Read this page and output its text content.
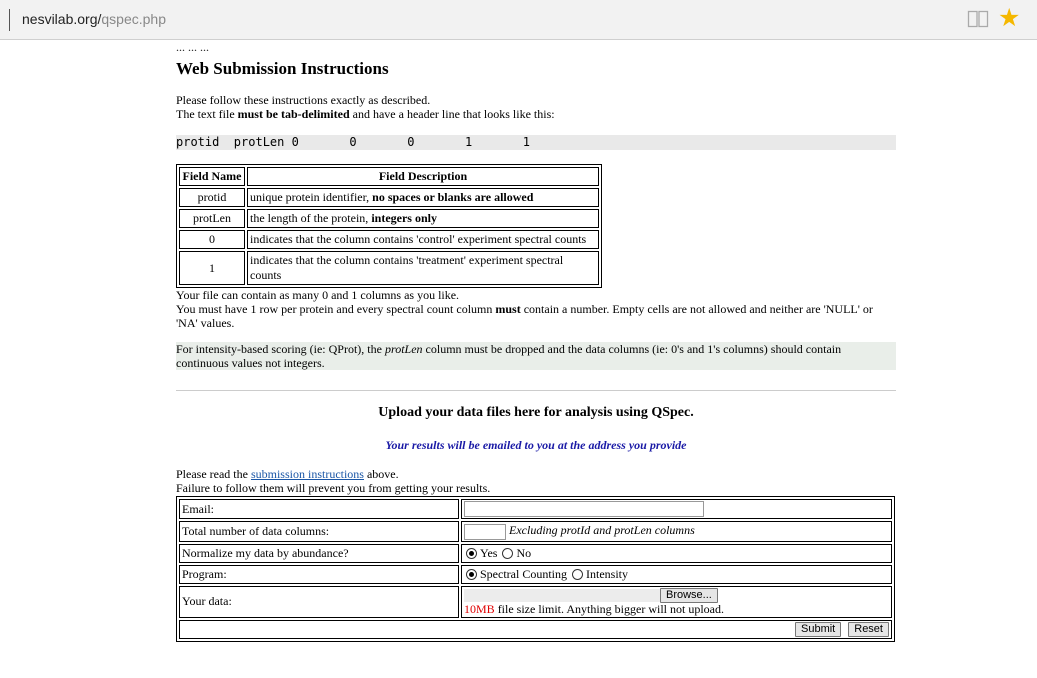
nesvilab.org/qspec.php	★
... ... ...
Web Submission Instructions
Please follow these instructions exactly as described.
The text file must be tab-delimited and have a header line that looks like this:
protid  protLen 0       0       0       1       1
Field Name	Field Description
protid	unique protein identifier, no spaces or blanks are allowed
protLen	the length of the protein, integers only
0	indicates that the column contains 'control' experiment spectral counts
1	indicates that the column contains 'treatment' experiment spectral counts
Your file can contain as many 0 and 1 columns as you like.
You must have 1 row per protein and every spectral count column must contain a number. Empty cells are not allowed and neither are 'NULL' or 'NA' values.
For intensity-based scoring (ie: QProt), the protLen column must be dropped and the data columns (ie: 0's and 1's columns) should contain continuous values not integers.
Upload your data files here for analysis using QSpec.
Your results will be emailed to you at the address you provide
Please read the submission instructions above.
Failure to follow them will prevent you from getting your results.
Email:	
Total number of data columns:	Excluding protId and protLen columns
Normalize my data by abundance?	Yes No
Program:	Spectral Counting Intensity
Your data:	Browse...
10MB file size limit. Anything bigger will not upload.

Submit Reset	
